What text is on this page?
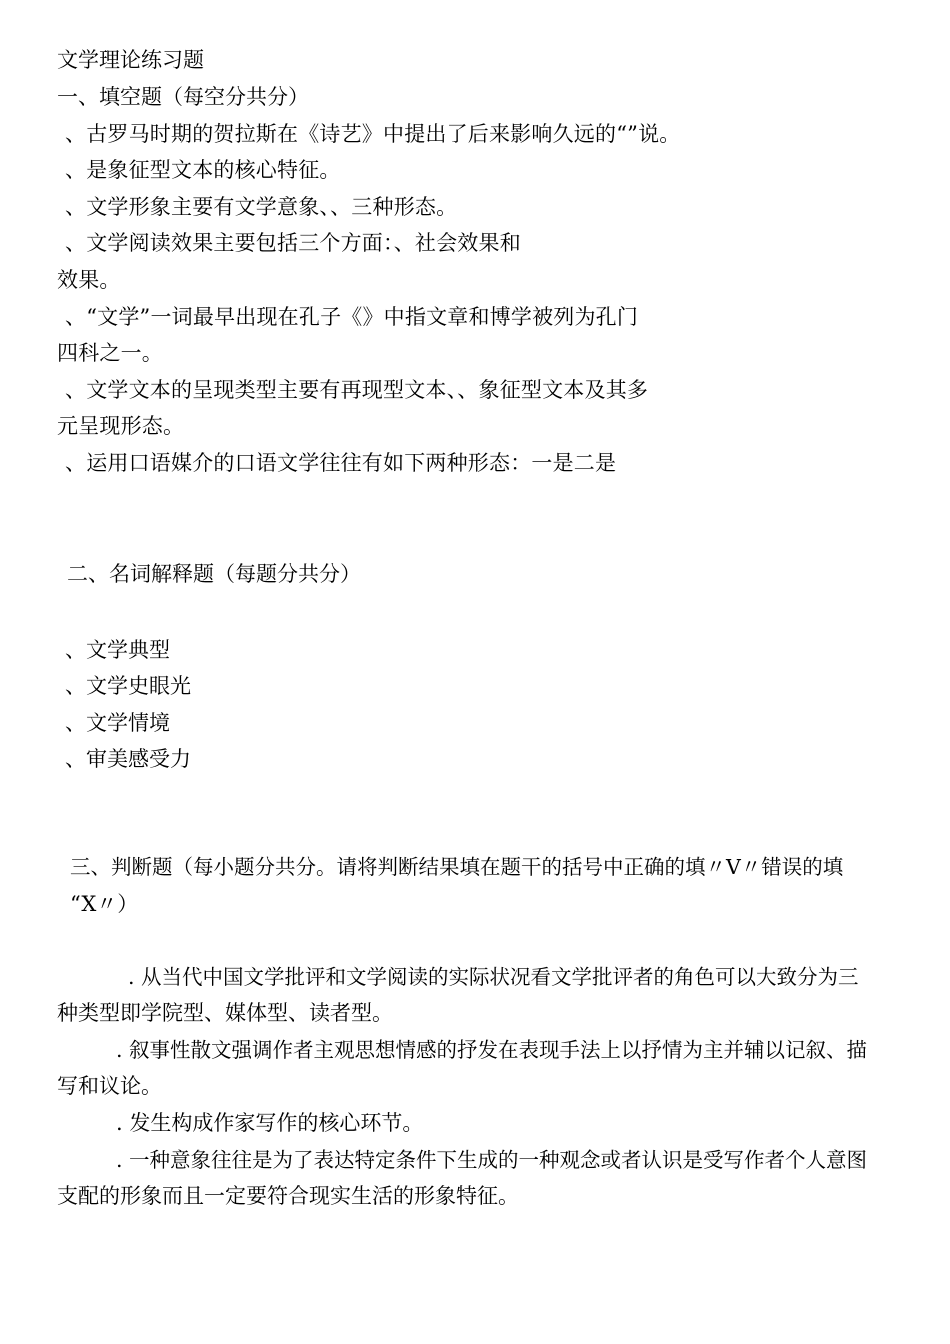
文学理论练习题

一、填空题（每空分共分）

、古罗马时期的贺拉斯在《诗艺》中提出了后来影响久远的“”说。

、是象征型文本的核心特征。

、文学形象主要有文学意象、、三种形态。

、文学阅读效果主要包括三个方面：、社会效果和

效果。

、“文学”一词最早出现在孔子《》中指文章和博学被列为孔门

四科之一。

、文学文本的呈现类型主要有再现型文本、、象征型文本及其多

元呈现形态。

、运用口语媒介的口语文学往往有如下两种形态：一是二是

二、名词解释题（每题分共分）

、文学典型

、文学史眼光

、文学情境

、审美感受力

三、判断题（每小题分共分。请将判断结果填在题干的括号中正确的填〃V〃错误的填

“X〃）

. 从当代中国文学批评和文学阅读的实际状况看文学批评者的角色可以大致分为三

种类型即学院型、媒体型、读者型。

. 叙事性散文强调作者主观思想情感的抒发在表现手法上以抒情为主并辅以记叙、描

写和议论。

. 发生构成作家写作的核心环节。

. 一种意象往往是为了表达特定条件下生成的一种观念或者认识是受写作者个人意图

支配的形象而且一定要符合现实生活的形象特征。
